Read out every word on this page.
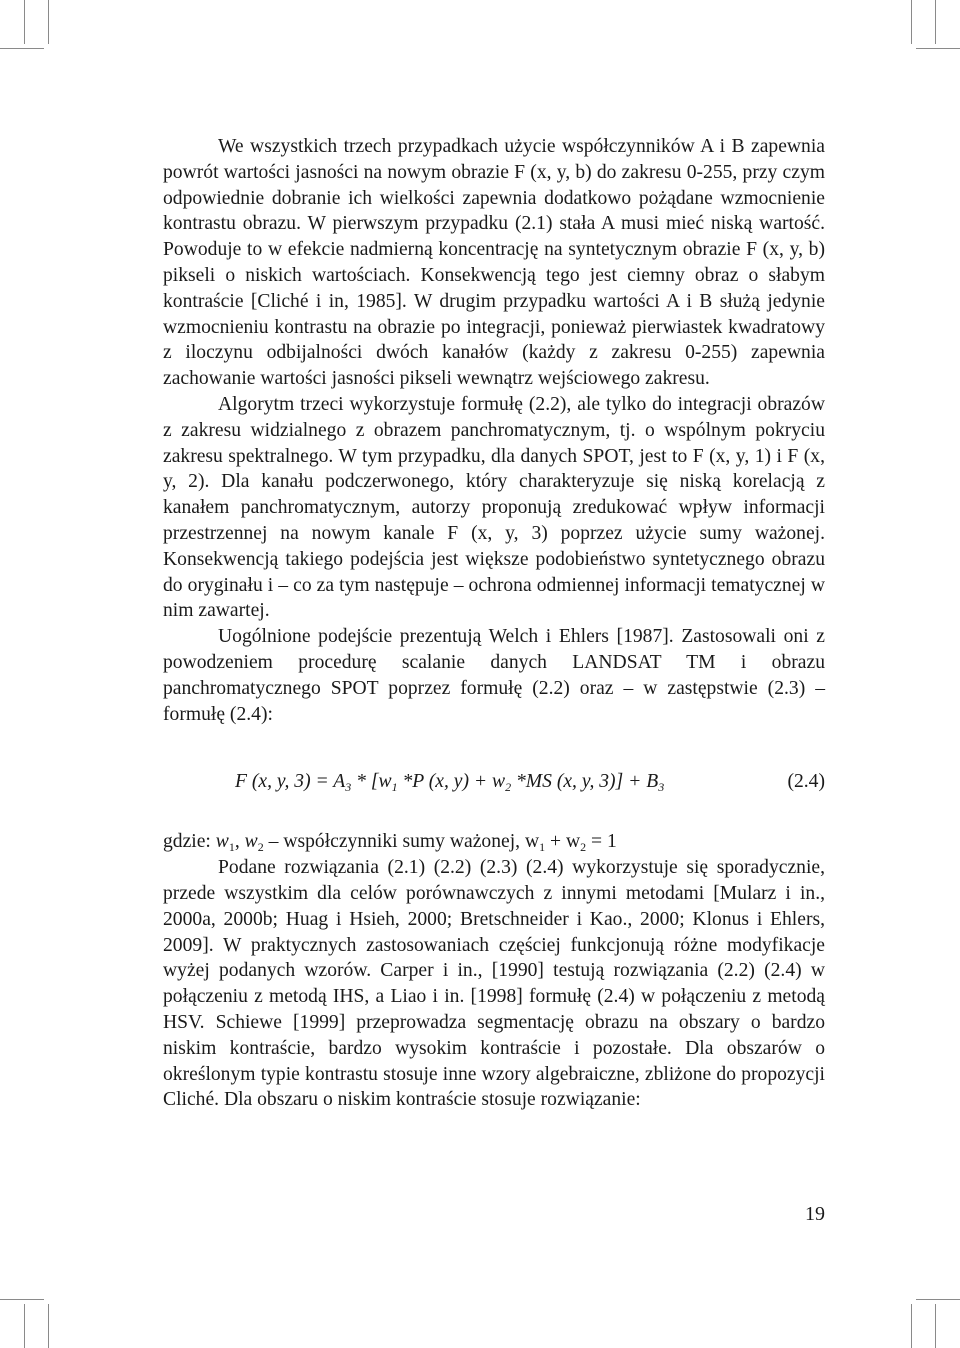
We wszystkich trzech przypadkach użycie współczynników A i B zapewnia powrót wartości jasności na nowym obrazie F (x, y, b) do zakresu 0-255, przy czym odpowiednie dobranie ich wielkości zapewnia dodatkowo pożądane wzmocnienie kontrastu obrazu. W pierwszym przypadku (2.1) stała A musi mieć niską wartość. Powoduje to w efekcie nadmierną koncentrację na syntetycznym obrazie F (x, y, b) pikseli o niskich wartościach. Konsekwencją tego jest ciemny obraz o słabym kontraście [Cliché i in, 1985]. W drugim przypadku wartości A i B służą jedynie wzmocnieniu kontrastu na obrazie po integracji, ponieważ pierwiastek kwadratowy z iloczynu odbijalności dwóch kanałów (każdy z zakresu 0-255) zapewnia zachowanie wartości jasności pikseli wewnątrz wejściowego zakresu.

Algorytm trzeci wykorzystuje formułę (2.2), ale tylko do integracji obrazów z zakresu widzialnego z obrazem panchromatycznym, tj. o wspólnym pokryciu zakresu spektralnego. W tym przypadku, dla danych SPOT, jest to F (x, y, 1) i F (x, y, 2). Dla kanału podczerwonego, który charakteryzuje się niską korelacją z kanałem panchromatycznym, autorzy proponują zredukować wpływ informacji przestrzennej na nowym kanale F (x, y, 3) poprzez użycie sumy ważonej. Konsekwencją takiego podejścia jest większe podobieństwo syntetycznego obrazu do oryginału i – co za tym następuje – ochrona odmiennej informacji tematycznej w nim zawartej.

Uogólnione podejście prezentują Welch i Ehlers [1987]. Zastosowali oni z powodzeniem procedurę scalanie danych LANDSAT TM i obrazu panchromatycznego SPOT poprzez formułę (2.2) oraz – w zastępstwie (2.3) – formułę (2.4):

F (x, y, $3) = A_3 * [w_1$ *P (x, $y) + w_2$ *MS (x, y, $3)] + B_3$	(2.4)

gdzie: $w_1$, $w_2$ – współczynniki sumy ważonej, $w_1 + w_2 = 1$

Podane rozwiązania (2.1) (2.2) (2.3) (2.4) wykorzystuje się sporadycznie, przede wszystkim dla celów porównawczych z innymi metodami [Mularz i in., 2000a, 2000b; Huag i Hsieh, 2000; Bretschneider i Kao., 2000; Klonus i Ehlers, 2009]. W praktycznych zastosowaniach częściej funkcjonują różne modyfikacje wyżej podanych wzorów. Carper i in., [1990] testują rozwiązania (2.2) (2.4) w połączeniu z metodą IHS, a Liao i in. [1998] formułę (2.4) w połączeniu z metodą HSV. Schiewe [1999] przeprowadza segmentację obrazu na obszary o bardzo niskim kontraście, bardzo wysokim kontraście i pozostałe. Dla obszarów o określonym typie kontrastu stosuje inne wzory algebraiczne, zbliżone do propozycji Cliché. Dla obszaru o niskim kontraście stosuje rozwiązanie:

19
